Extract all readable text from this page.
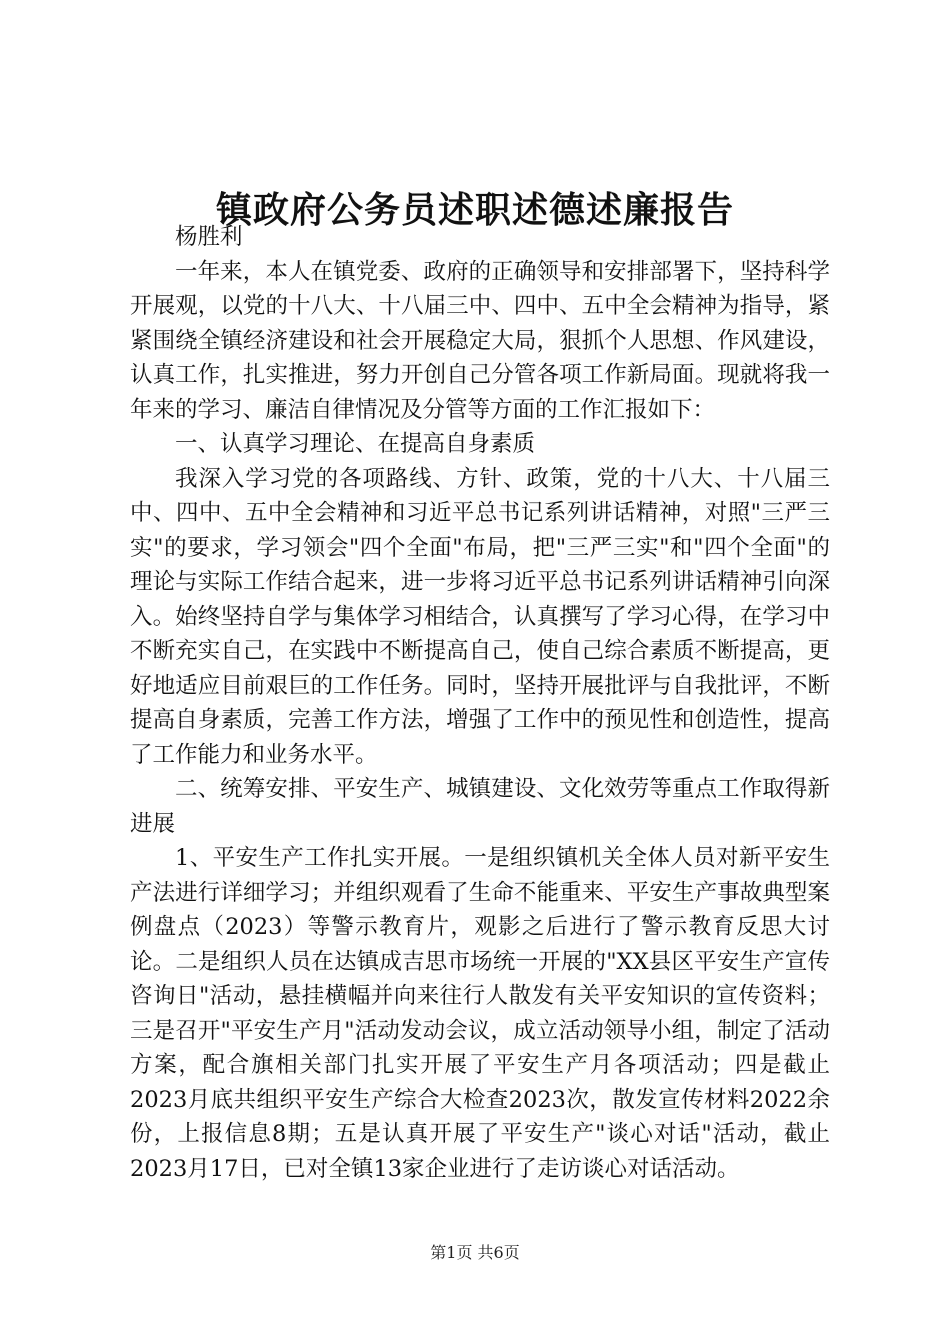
镇政府公务员述职述德述廉报告

杨胜利

一年来，本人在镇党委、政府的正确领导和安排部署下，坚持科学开展观，以党的十八大、十八届三中、四中、五中全会精神为指导，紧紧围绕全镇经济建设和社会开展稳定大局，狠抓个人思想、作风建设，认真工作，扎实推进，努力开创自己分管各项工作新局面。现就将我一年来的学习、廉洁自律情况及分管等方面的工作汇报如下：

一、认真学习理论、在提高自身素质

我深入学习党的各项路线、方针、政策，党的十八大、十八届三中、四中、五中全会精神和习近平总书记系列讲话精神，对照"三严三实"的要求，学习领会"四个全面"布局，把"三严三实"和"四个全面"的理论与实际工作结合起来，进一步将习近平总书记系列讲话精神引向深入。始终坚持自学与集体学习相结合，认真撰写了学习心得，在学习中不断充实自己，在实践中不断提高自己，使自己综合素质不断提高，更好地适应目前艰巨的工作任务。同时，坚持开展批评与自我批评，不断提高自身素质，完善工作方法，增强了工作中的预见性和创造性，提高了工作能力和业务水平。

二、统筹安排、平安生产、城镇建设、文化效劳等重点工作取得新进展

1、平安生产工作扎实开展。一是组织镇机关全体人员对新平安生产法进行详细学习；并组织观看了生命不能重来、平安生产事故典型案例盘点（2023）等警示教育片，观影之后进行了警示教育反思大讨论。二是组织人员在达镇成吉思市场统一开展的"XX县区平安生产宣传咨询日"活动，悬挂横幅并向来往行人散发有关平安知识的宣传资料；三是召开"平安生产月"活动发动会议，成立活动领导小组，制定了活动方案，配合旗相关部门扎实开展了平安生产月各项活动；四是截止2023月底共组织平安生产综合大检查2023次，散发宣传材料2022余份，上报信息8期；五是认真开展了平安生产"谈心对话"活动，截止2023月17日，已对全镇13家企业进行了走访谈心对话活动。

第1页 共6页
